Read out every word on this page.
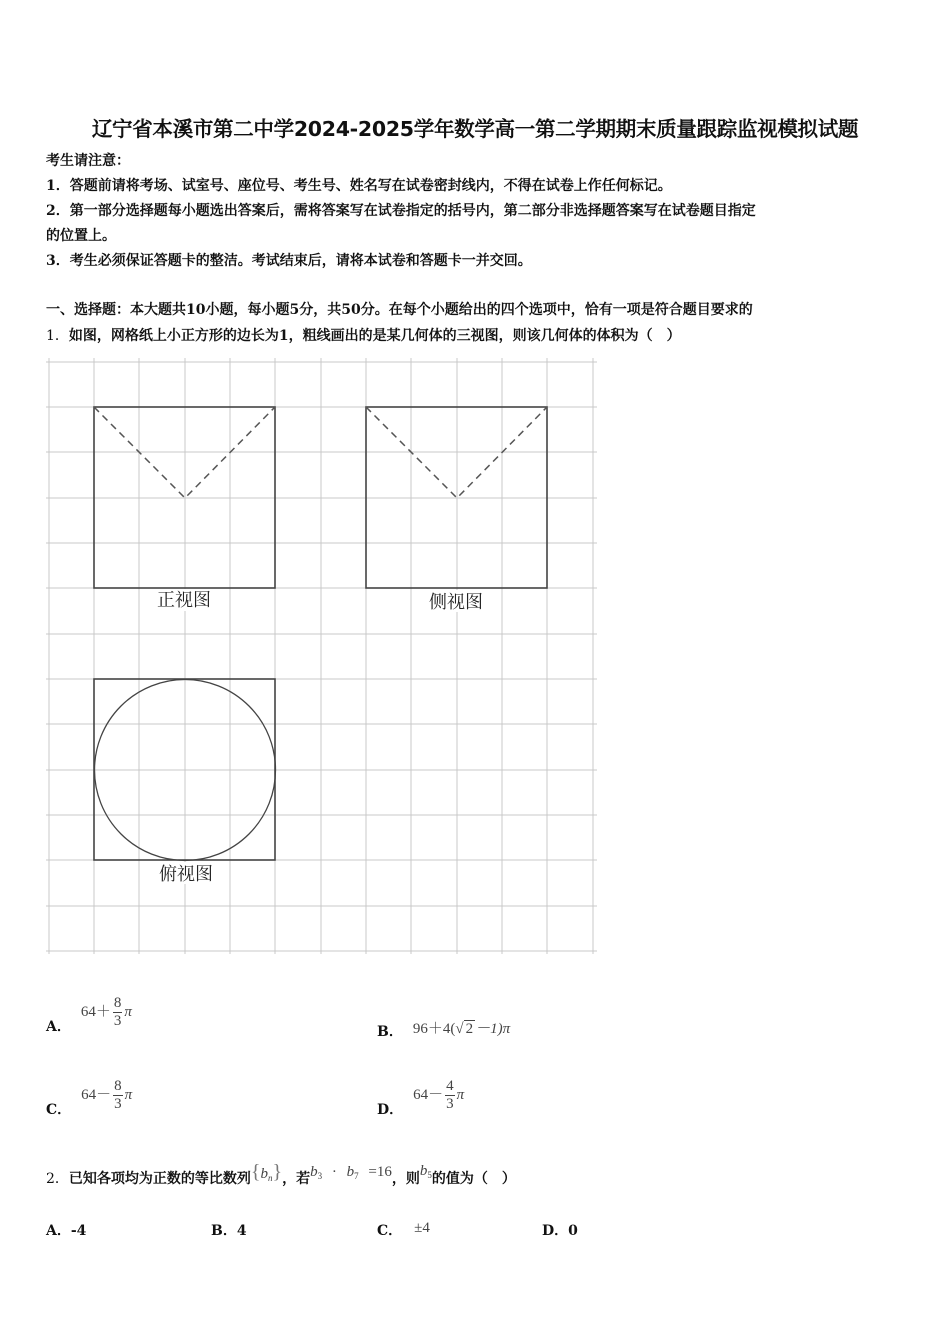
辽宁省本溪市第二中学2024-2025学年数学高一第二学期期末质量跟踪监视模拟试题
考生请注意：
1．答题前请将考场、试室号、座位号、考生号、姓名写在试卷密封线内，不得在试卷上作任何标记。
2．第一部分选择题每小题选出答案后，需将答案写在试卷指定的括号内，第二部分非选择题答案写在试卷题目指定
的位置上。
3．考生必须保证答题卡的整洁。考试结束后，请将本试卷和答题卡一并交回。
一、选择题：本大题共10小题，每小题5分，共50分。在每个小题给出的四个选项中，恰有一项是符合题目要求的
1．如图，网格纸上小正方形的边长为1，粗线画出的是某几何体的三视图，则该几何体的体积为（　）
正视图	侧视图
俯视图
A．
$64+ \frac{8}{3}$ π
B． 96＋4(√ 2 －1)π
C．
$64- \frac{8}{3}$ π
D．
$64- \frac{4}{3}$ π
2． 已知各项均为正数的等比数列 $\{b_n\}$ ，若 $b_3 \cdot b_7 =16$ ，则
$b_5$ 的值为（　）
A．-4	B．4	C． ±4	D．0
